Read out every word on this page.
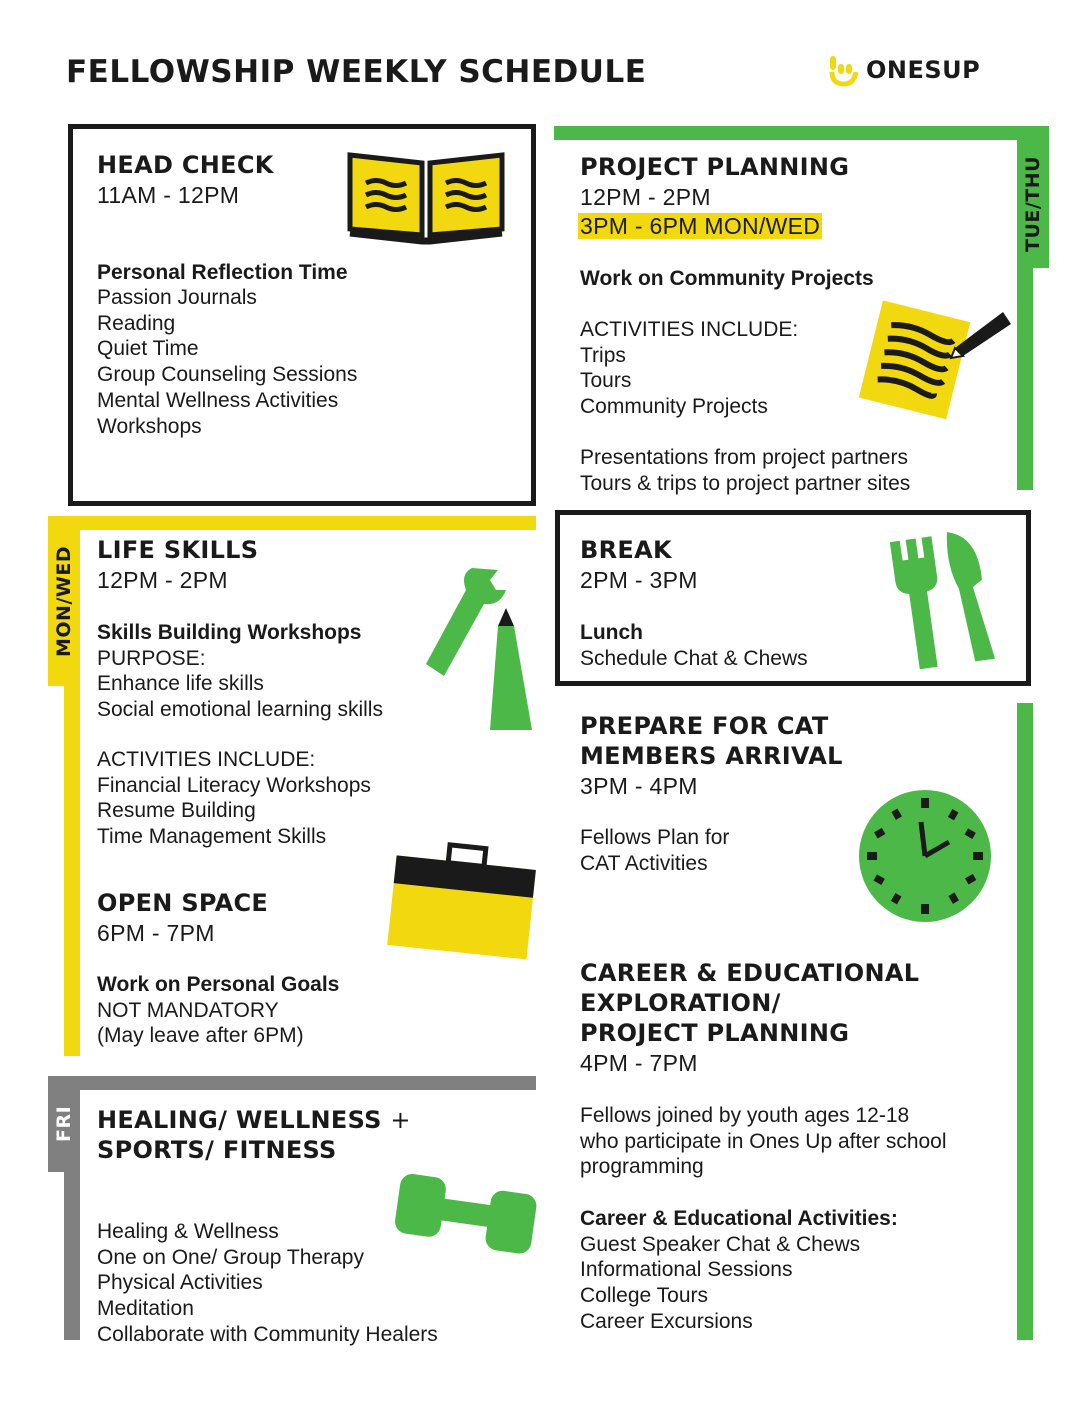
FELLOWSHIP WEEKLY SCHEDULE	ONESUP
HEAD CHECK
11AM - 12PM
Personal Reflection Time
Passion Journals
Reading
Quiet Time
Group Counseling Sessions
Mental Wellness Activities
Workshops
TUE/THU
PROJECT PLANNING
12PM - 2PM
3PM - 6PM MON/WED
Work on Community Projects
ACTIVITIES INCLUDE:
Trips
Tours
Community Projects
Presentations from project partners
Tours & trips to project partner sites
MON/WED LIFE SKILLS
12PM - 2PM
Skills Building Workshops
PURPOSE:
Enhance life skills
Social emotional learning skills
ACTIVITIES INCLUDE:
Financial Literacy Workshops
Resume Building
Time Management Skills
OPEN SPACE
6PM - 7PM
Work on Personal Goals
NOT MANDATORY
(May leave after 6PM)
BREAK
2PM - 3PM
Lunch
Schedule Chat & Chews
PREPARE FOR CAT
MEMBERS ARRIVAL
3PM - 4PM
Fellows Plan for
CAT Activities
CAREER & EDUCATIONAL
EXPLORATION/
PROJECT PLANNING
4PM - 7PM
Fellows joined by youth ages 12-18
who participate in Ones Up after school
programming
Career & Educational Activities:
Guest Speaker Chat & Chews
Informational Sessions
College Tours
Career Excursions
FRI HEALING/ WELLNESS +
SPORTS/ FITNESS
Healing & Wellness
One on One/ Group Therapy
Physical Activities
Meditation
Collaborate with Community Healers
